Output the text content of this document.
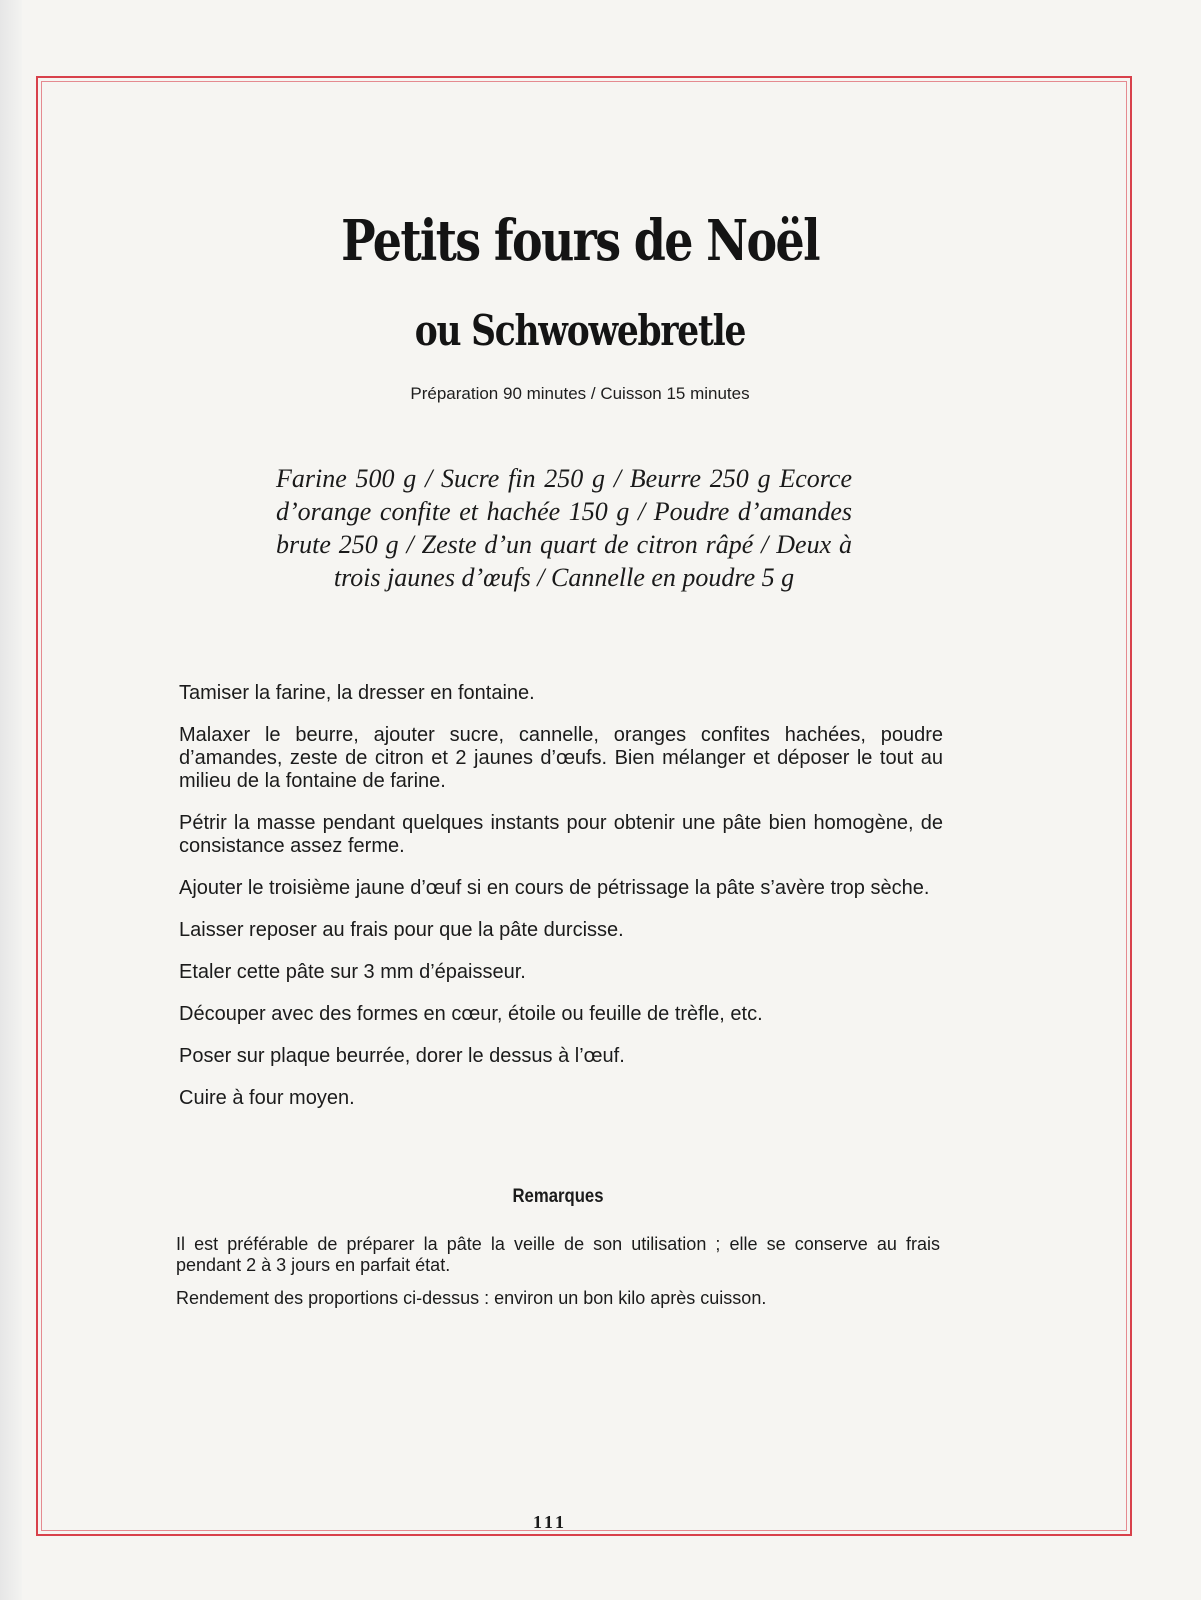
Petits fours de Noël
ou Schwowebretle
Préparation 90 minutes / Cuisson 15 minutes
Farine 500 g / Sucre fin 250 g / Beurre 250 g Ecorce d’orange confite et hachée 150 g / Poudre d’amandes brute 250 g / Zeste d’un quart de citron râpé / Deux à trois jaunes d’œufs / Cannelle en poudre 5 g

Tamiser la farine, la dresser en fontaine.

Malaxer le beurre, ajouter sucre, cannelle, oranges confites hachées, poudre d’amandes, zeste de citron et 2 jaunes d’œufs. Bien mélanger et déposer le tout au milieu de la fontaine de farine.

Pétrir la masse pendant quelques instants pour obtenir une pâte bien homogène, de consistance assez ferme.

Ajouter le troisième jaune d’œuf si en cours de pétrissage la pâte s’avère trop sèche.

Laisser reposer au frais pour que la pâte durcisse.

Etaler cette pâte sur 3 mm d’épaisseur.

Découper avec des formes en cœur, étoile ou feuille de trèfle, etc.

Poser sur plaque beurrée, dorer le dessus à l’œuf.

Cuire à four moyen.

Remarques

Il est préférable de préparer la pâte la veille de son utilisation ; elle se conserve au frais pendant 2 à 3 jours en parfait état.

Rendement des proportions ci-dessus : environ un bon kilo après cuisson.

111
